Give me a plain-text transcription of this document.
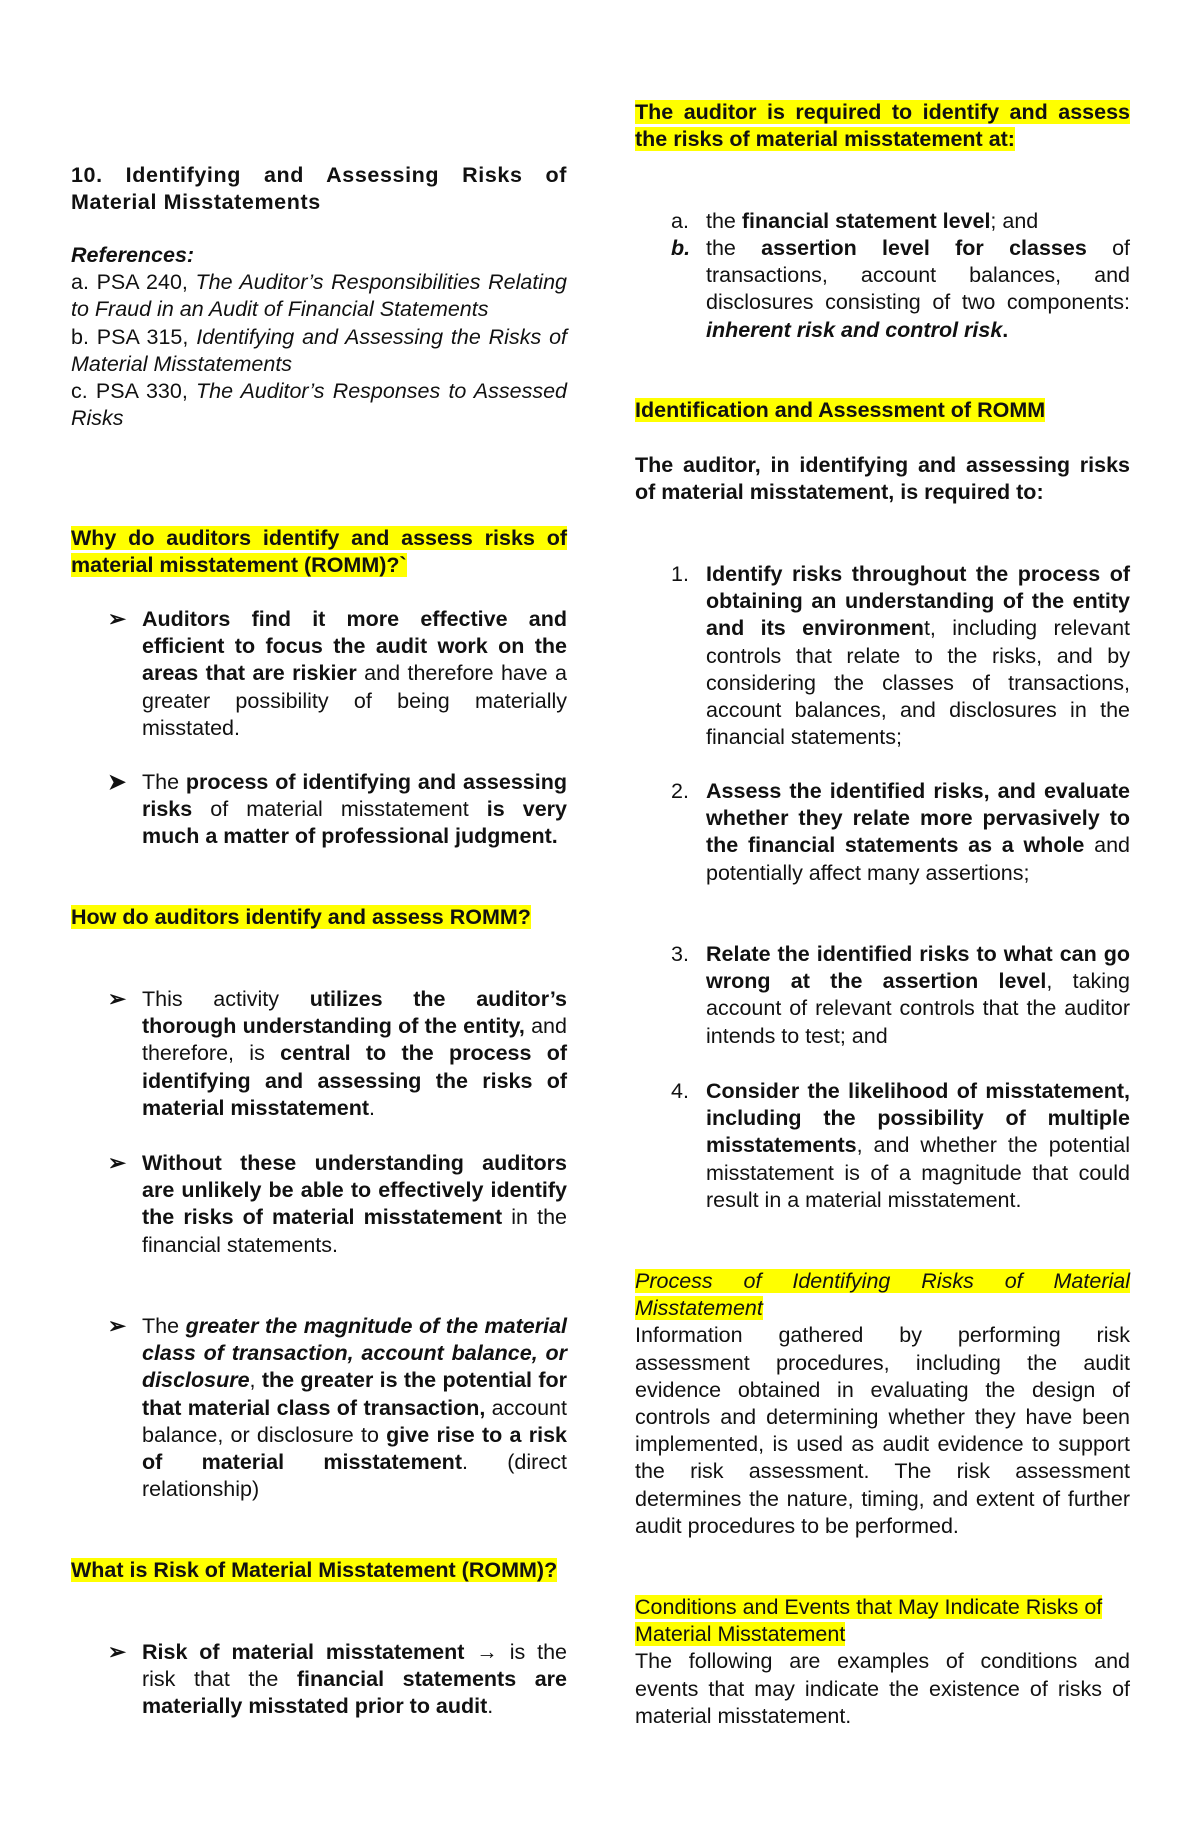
10. Identifying and Assessing Risks of Material Misstatements

References:

a. PSA 240, The Auditor’s Responsibilities Relating to Fraud in an Audit of Financial Statements

b. PSA 315, Identifying and Assessing the Risks of Material Misstatements

c. PSA 330, The Auditor’s Responses to Assessed Risks

Why do auditors identify and assess risks of material misstatement (ROMM)?`

➢ Auditors find it more effective and efficient to focus the audit work on the areas that are riskier and therefore have a greater possibility of being materially misstated.
➤ The process of identifying and assessing risks of material misstatement is very much a matter of professional judgment.

How do auditors identify and assess ROMM?

➢ This activity utilizes the auditor’s thorough understanding of the entity, and therefore, is central to the process of identifying and assessing the risks of material misstatement.
➢ Without these understanding auditors are unlikely be able to effectively identify the risks of material misstatement in the financial statements.
➢ The greater the magnitude of the material class of transaction, account balance, or disclosure, the greater is the potential for that material class of transaction, account balance, or disclosure to give rise to a risk of material misstatement. (direct relationship)

What is Risk of Material Misstatement (ROMM)?

➢ Risk of material misstatement → is the risk that the financial statements are materially misstated prior to audit.

The auditor is required to identify and assess the risks of material misstatement at:

a. the financial statement level; and
b. the assertion level for classes of transactions, account balances, and disclosures consisting of two components: inherent risk and control risk.

Identification and Assessment of ROMM

The auditor, in identifying and assessing risks of material misstatement, is required to:

1. Identify risks throughout the process of obtaining an understanding of the entity and its environment, including relevant controls that relate to the risks, and by considering the classes of transactions, account balances, and disclosures in the financial statements;
2. Assess the identified risks, and evaluate whether they relate more pervasively to the financial statements as a whole and potentially affect many assertions;
3. Relate the identified risks to what can go wrong at the assertion level, taking account of relevant controls that the auditor intends to test; and
4. Consider the likelihood of misstatement, including the possibility of multiple misstatements, and whether the potential misstatement is of a magnitude that could result in a material misstatement.

Process of Identifying Risks of Material Misstatement

Information gathered by performing risk assessment procedures, including the audit evidence obtained in evaluating the design of controls and determining whether they have been implemented, is used as audit evidence to support the risk assessment. The risk assessment determines the nature, timing, and extent of further audit procedures to be performed.

Conditions and Events that May Indicate Risks of Material Misstatement

The following are examples of conditions and events that may indicate the existence of risks of material misstatement.
